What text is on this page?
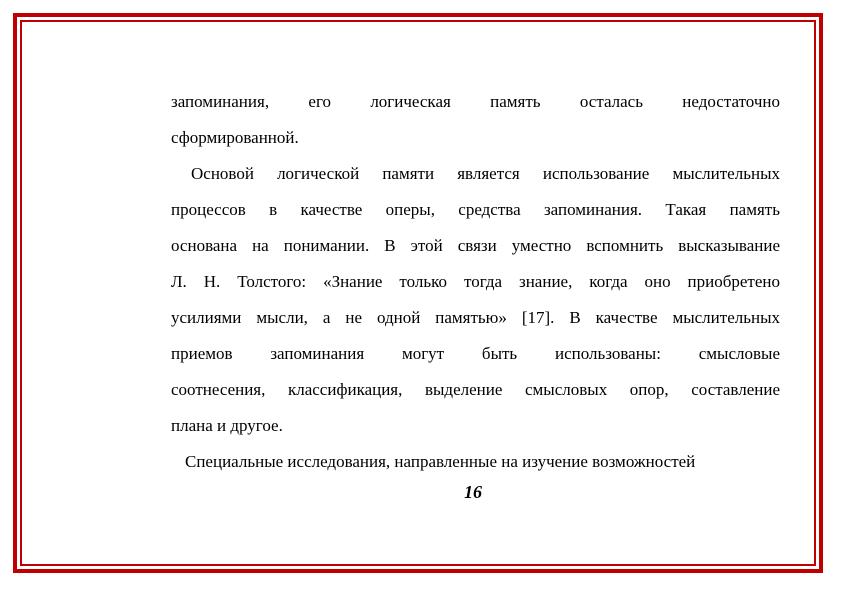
запоминания, его логическая память осталась недостаточно
сформированной.
Основой логической памяти является использование мыслительных
процессов в качестве оперы, средства запоминания. Такая память
основана на понимании. В этой связи уместно вспомнить высказывание
Л. Н. Толстого: «Знание только тогда знание, когда оно приобретено
усилиями мысли, а не одной памятью» [17]. В качестве мыслительных
приемов запоминания могут быть использованы: смысловые
соотнесения, классификация, выделение смысловых опор, составление
плана и другое.
Специальные исследования, направленные на изучение возможностей
16
